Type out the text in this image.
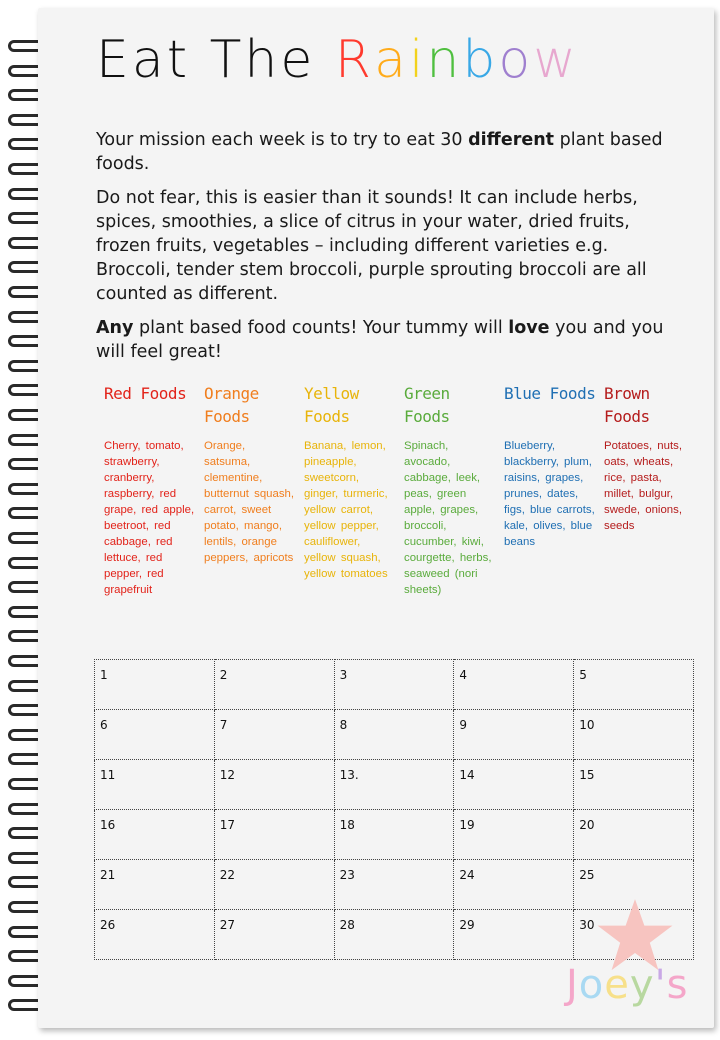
Eat The Rainbow

Your mission each week is to try to eat 30 different plant based foods.

Do not fear, this is easier than it sounds! It can include herbs, spices, smoothies, a slice of citrus in your water, dried fruits, frozen fruits, vegetables – including different varieties e.g. Broccoli, tender stem broccoli, purple sprouting broccoli are all counted as different.

Any plant based food counts! Your tummy will love you and you will feel great!

Red Foods
Cherry, tomato, strawberry, cranberry, raspberry, red grape, red apple, beetroot, red cabbage, red lettuce, red pepper, red grapefruit
Orange Foods
Orange, satsuma, clementine, butternut squash, carrot, sweet potato, mango, lentils, orange peppers, apricots
Yellow Foods
Banana, lemon, pineapple, sweetcorn, ginger, turmeric, yellow carrot, yellow pepper, cauliflower, yellow squash, yellow tomatoes
Green Foods
Spinach, avocado, cabbage, leek, peas, green apple, grapes, broccoli, cucumber, kiwi, courgette, herbs, seaweed (nori sheets)
Blue Foods
Blueberry, blackberry, plum, raisins, grapes, prunes, dates, figs, blue carrots, kale, olives, blue beans
Brown Foods
Potatoes, nuts, oats, wheats, rice, pasta, millet, bulgur, swede, onions, seeds
1	2	3	4	5
6	7	8	9	10
11	12	13.	14	15
16	17	18	19	20
21	22	23	24	25
26	27	28	29	30
Joey's
